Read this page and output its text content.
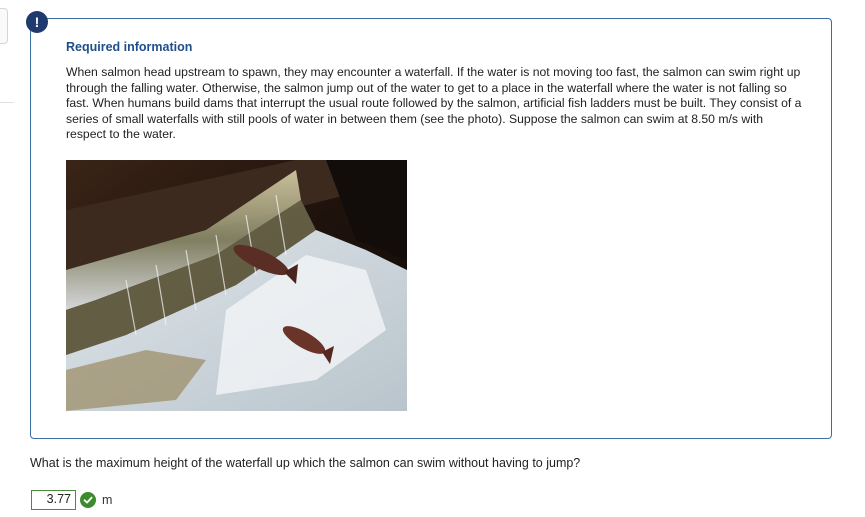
!
Required information
When salmon head upstream to spawn, they may encounter a waterfall. If the water is not moving too fast, the salmon can swim right up through the falling water. Otherwise, the salmon jump out of the water to get to a place in the waterfall where the water is not falling so fast. When humans build dams that interrupt the usual route followed by the salmon, artificial fish ladders must be built. They consist of a series of small waterfalls with still pools of water in between them (see the photo). Suppose the salmon can swim at 8.50 m/s with respect to the water.
What is the maximum height of the waterfall up which the salmon can swim without having to jump?
3.77	m
